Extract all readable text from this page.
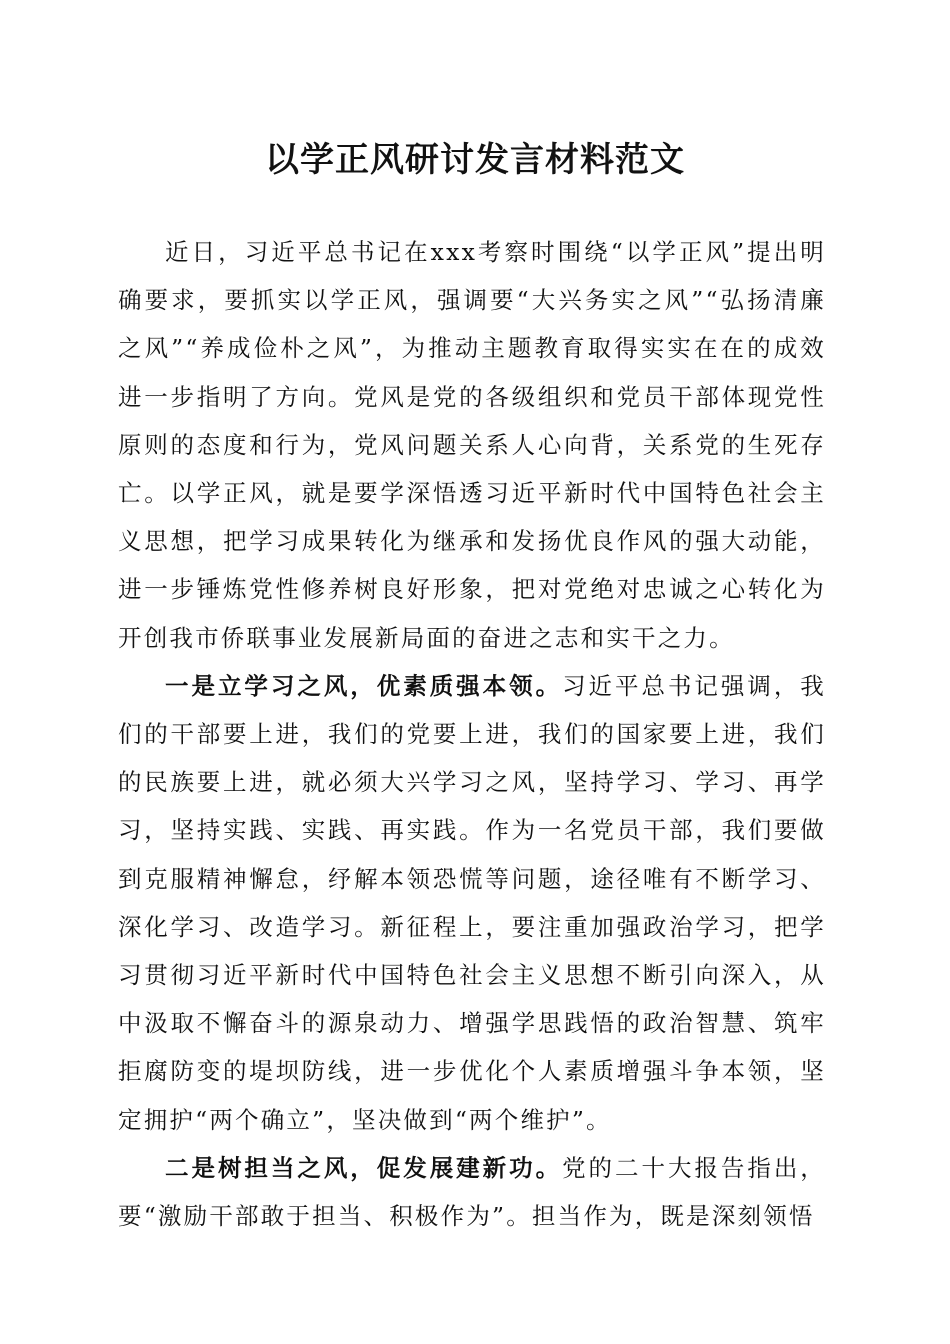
以学正风研讨发言材料范文

近日，习近平总书记在xxx考察时围绕“以学正风”提出明确要求，要抓实以学正风，强调要“大兴务实之风”“弘扬清廉之风”“养成俭朴之风”，为推动主题教育取得实实在在的成效进一步指明了方向。党风是党的各级组织和党员干部体现党性原则的态度和行为，党风问题关系人心向背，关系党的生死存亡。以学正风，就是要学深悟透习近平新时代中国特色社会主义思想，把学习成果转化为继承和发扬优良作风的强大动能，进一步锤炼党性修养树良好形象，把对党绝对忠诚之心转化为开创我市侨联事业发展新局面的奋进之志和实干之力。

一是立学习之风，优素质强本领。习近平总书记强调，我们的干部要上进，我们的党要上进，我们的国家要上进，我们的民族要上进，就必须大兴学习之风，坚持学习、学习、再学习，坚持实践、实践、再实践。作为一名党员干部，我们要做到克服精神懈怠，纾解本领恐慌等问题，途径唯有不断学习、深化学习、改造学习。新征程上，要注重加强政治学习，把学习贯彻习近平新时代中国特色社会主义思想不断引向深入，从中汲取不懈奋斗的源泉动力、增强学思践悟的政治智慧、筑牢拒腐防变的堤坝防线，进一步优化个人素质增强斗争本领，坚定拥护“两个确立”，坚决做到“两个维护”。

二是树担当之风，促发展建新功。党的二十大报告指出，要“激励干部敢于担当、积极作为”。担当作为，既是深刻领悟
